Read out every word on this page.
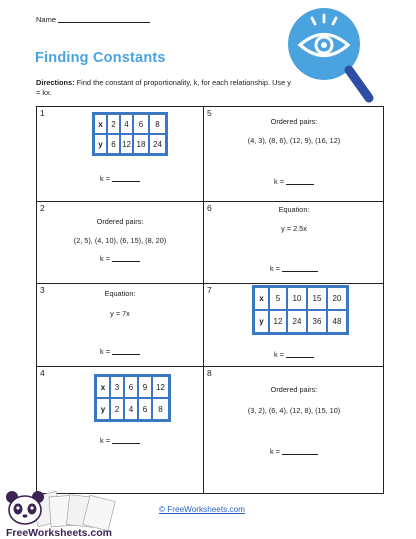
Name
Finding Constants
Directions: Find the constant of proportionality, k, for each relationship. Use y = kx.
1
x	2	4	6	8
y	6	12	18	24
k =
5
Ordered pairs:
(4, 3), (8, 6), (12, 9), (16, 12)
k =
2
Ordered pairs:
(2, 5), (4, 10), (6, 15), (8, 20)
k =
6	Equation:
y = 2.5x
k =
3	Equation:
y = 7x
k =
7
x	5	10	15	20
y	12	24	36	48
k =
4
x	3	6	9	12
y	2	4	6	8
k =
8
Ordered pairs:
(3, 2), (6, 4), (12, 8), (15, 10)
k =
FreeWorksheets.com
© FreeWorksheets.com
